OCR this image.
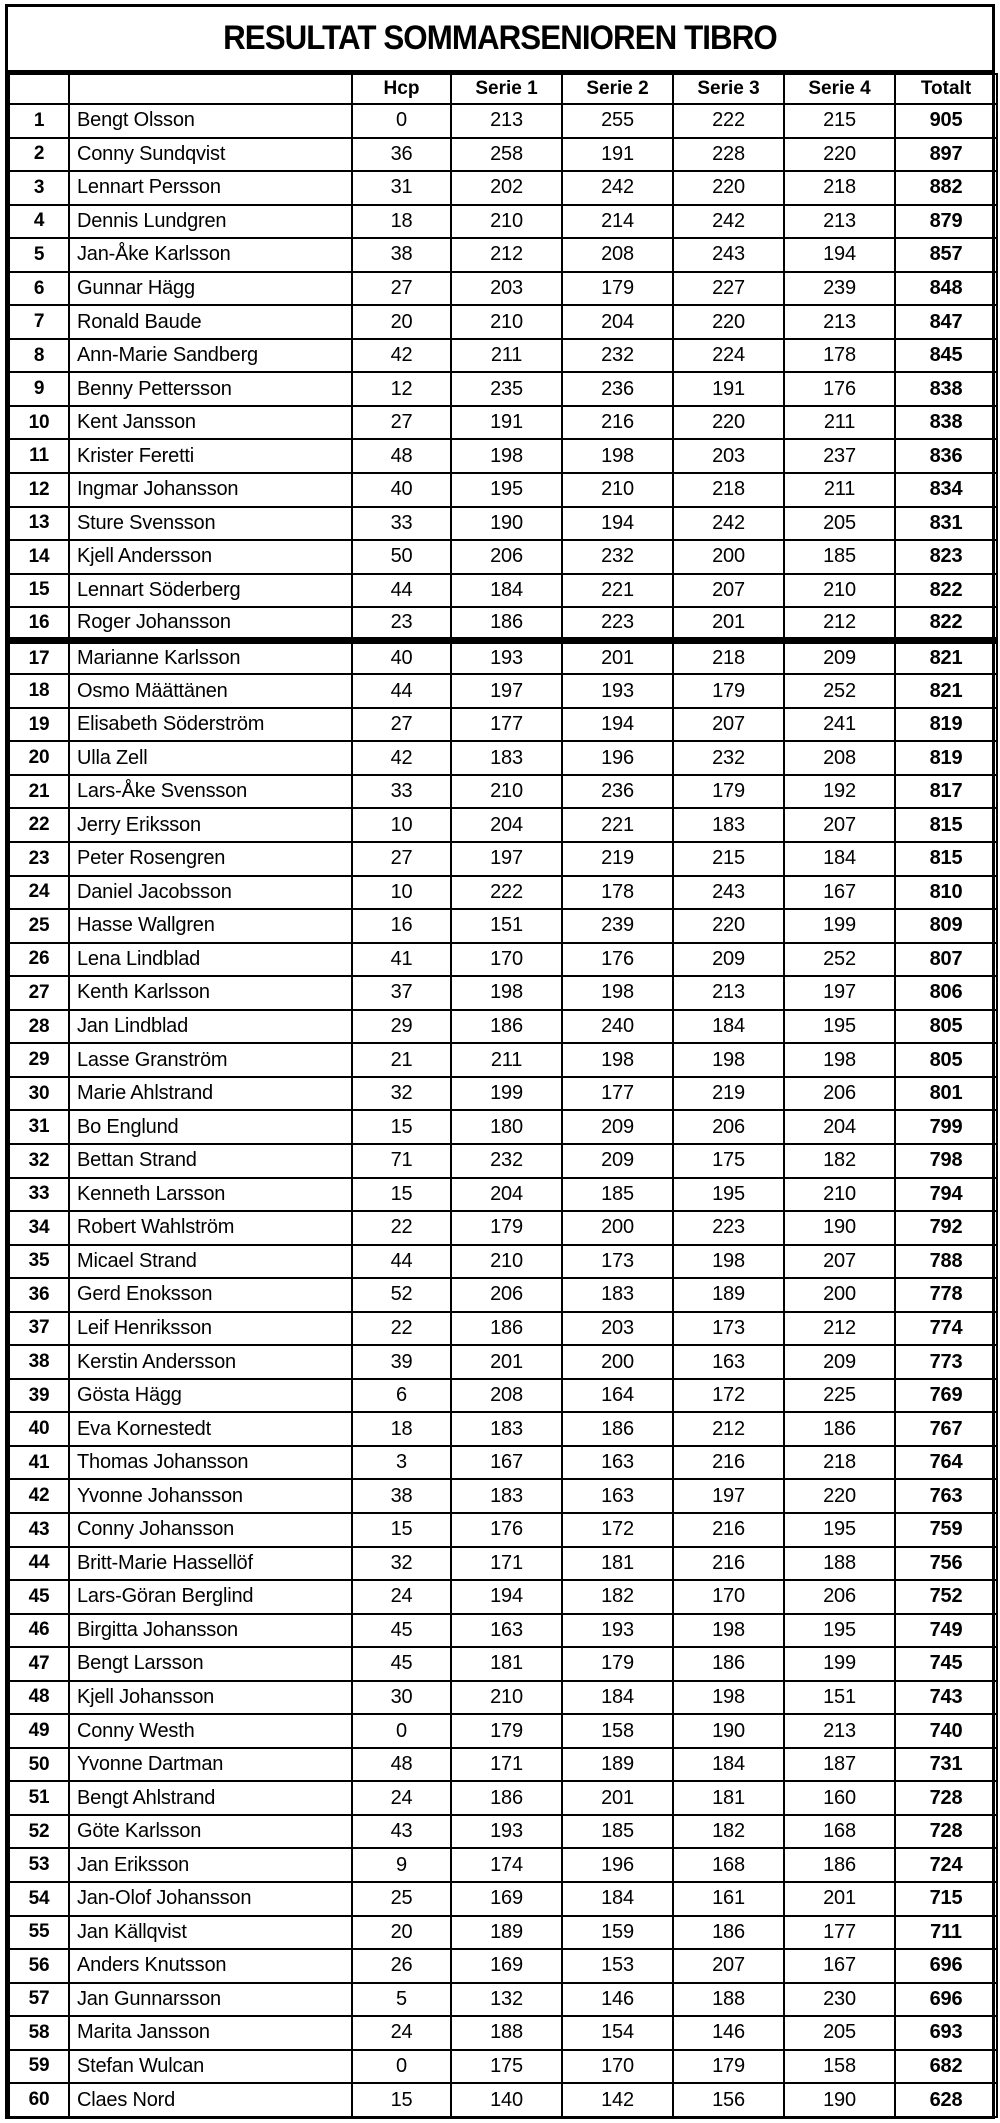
RESULTAT SOMMARSENIOREN TIBRO
		Hcp	Serie 1	Serie 2	Serie 3	Serie 4	Totalt
1	Bengt Olsson	0	213	255	222	215	905
2	Conny Sundqvist	36	258	191	228	220	897
3	Lennart Persson	31	202	242	220	218	882
4	Dennis Lundgren	18	210	214	242	213	879
5	Jan-Åke Karlsson	38	212	208	243	194	857
6	Gunnar Hägg	27	203	179	227	239	848
7	Ronald Baude	20	210	204	220	213	847
8	Ann-Marie Sandberg	42	211	232	224	178	845
9	Benny Pettersson	12	235	236	191	176	838
10	Kent Jansson	27	191	216	220	211	838
11	Krister Feretti	48	198	198	203	237	836
12	Ingmar Johansson	40	195	210	218	211	834
13	Sture Svensson	33	190	194	242	205	831
14	Kjell Andersson	50	206	232	200	185	823
15	Lennart Söderberg	44	184	221	207	210	822
16	Roger Johansson	23	186	223	201	212	822
17	Marianne Karlsson	40	193	201	218	209	821
18	Osmo Määttänen	44	197	193	179	252	821
19	Elisabeth Söderström	27	177	194	207	241	819
20	Ulla Zell	42	183	196	232	208	819
21	Lars-Åke Svensson	33	210	236	179	192	817
22	Jerry Eriksson	10	204	221	183	207	815
23	Peter Rosengren	27	197	219	215	184	815
24	Daniel Jacobsson	10	222	178	243	167	810
25	Hasse Wallgren	16	151	239	220	199	809
26	Lena Lindblad	41	170	176	209	252	807
27	Kenth Karlsson	37	198	198	213	197	806
28	Jan Lindblad	29	186	240	184	195	805
29	Lasse Granström	21	211	198	198	198	805
30	Marie Ahlstrand	32	199	177	219	206	801
31	Bo Englund	15	180	209	206	204	799
32	Bettan Strand	71	232	209	175	182	798
33	Kenneth Larsson	15	204	185	195	210	794
34	Robert Wahlström	22	179	200	223	190	792
35	Micael Strand	44	210	173	198	207	788
36	Gerd Enoksson	52	206	183	189	200	778
37	Leif Henriksson	22	186	203	173	212	774
38	Kerstin Andersson	39	201	200	163	209	773
39	Gösta Hägg	6	208	164	172	225	769
40	Eva Kornestedt	18	183	186	212	186	767
41	Thomas Johansson	3	167	163	216	218	764
42	Yvonne Johansson	38	183	163	197	220	763
43	Conny Johansson	15	176	172	216	195	759
44	Britt-Marie Hassellöf	32	171	181	216	188	756
45	Lars-Göran Berglind	24	194	182	170	206	752
46	Birgitta Johansson	45	163	193	198	195	749
47	Bengt Larsson	45	181	179	186	199	745
48	Kjell Johansson	30	210	184	198	151	743
49	Conny Westh	0	179	158	190	213	740
50	Yvonne Dartman	48	171	189	184	187	731
51	Bengt Ahlstrand	24	186	201	181	160	728
52	Göte Karlsson	43	193	185	182	168	728
53	Jan Eriksson	9	174	196	168	186	724
54	Jan-Olof Johansson	25	169	184	161	201	715
55	Jan Källqvist	20	189	159	186	177	711
56	Anders Knutsson	26	169	153	207	167	696
57	Jan Gunnarsson	5	132	146	188	230	696
58	Marita Jansson	24	188	154	146	205	693
59	Stefan Wulcan	0	175	170	179	158	682
60	Claes Nord	15	140	142	156	190	628
